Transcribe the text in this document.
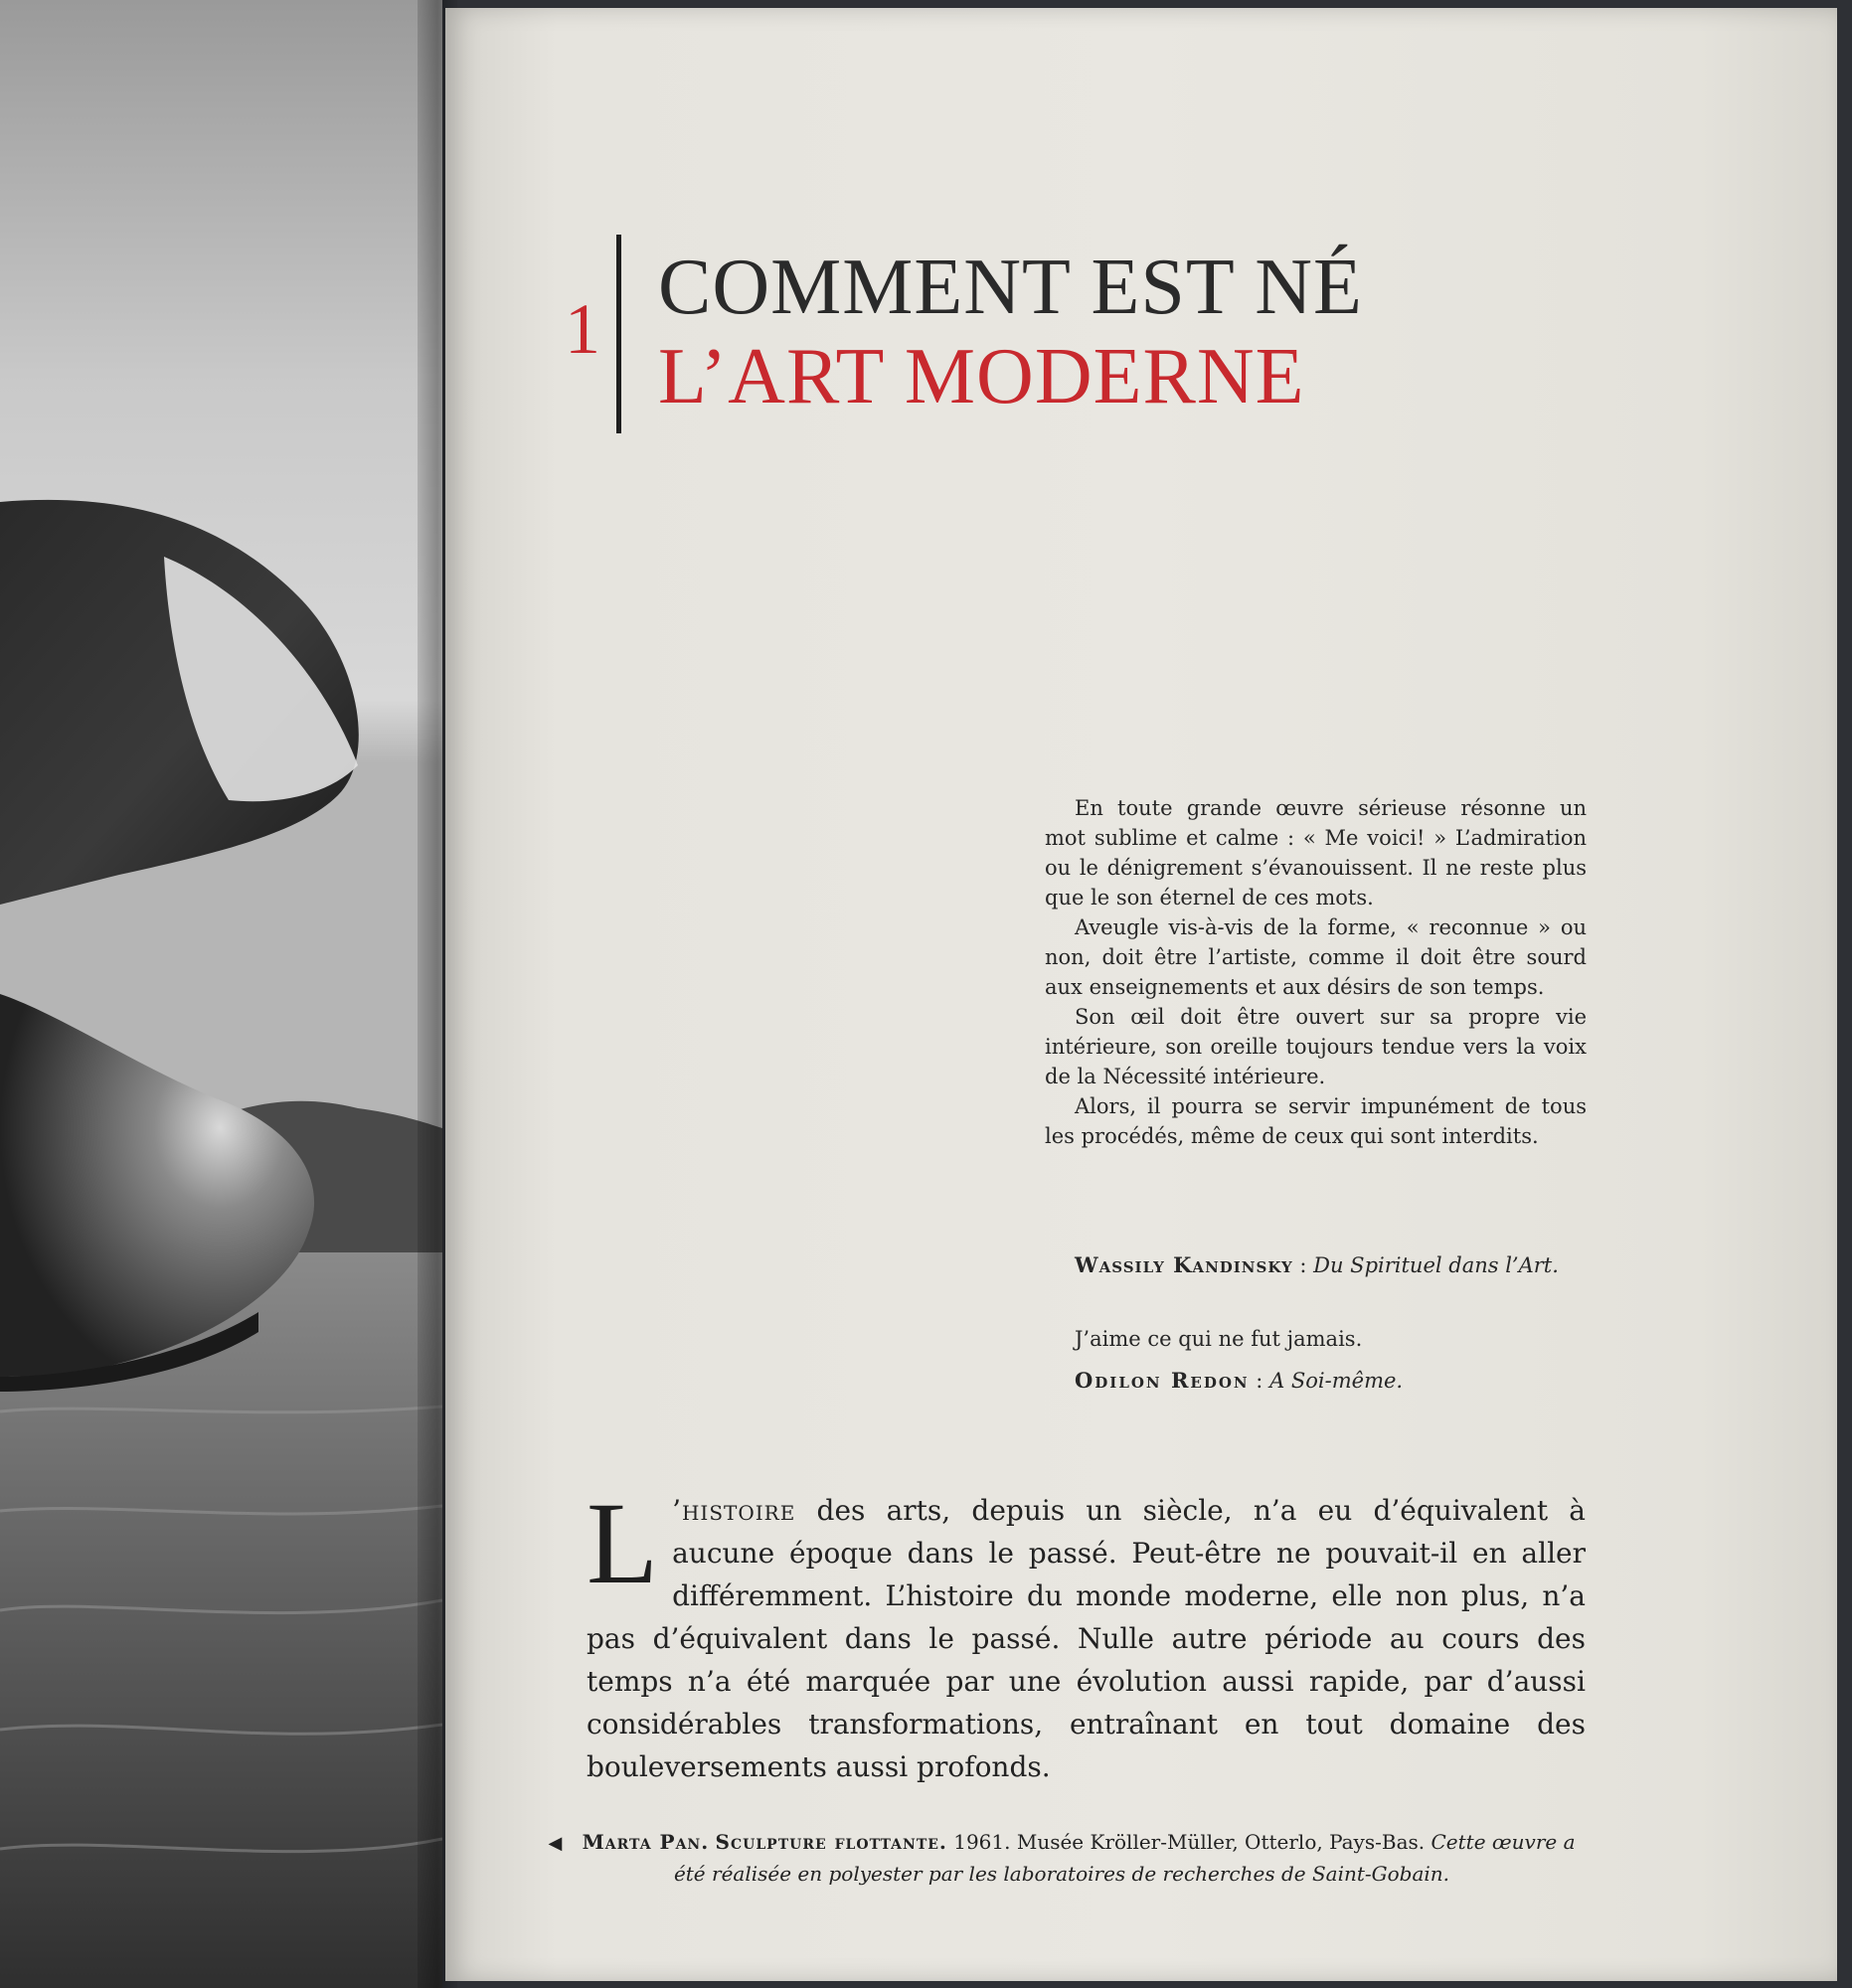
1 COMMENT EST NÉ
L’ART MODERNE

En toute grande œuvre sérieuse résonne un mot sublime et calme : « Me voici! » L’admiration ou le dénigrement s’évanouissent. Il ne reste plus que le son éternel de ces mots.

Aveugle vis-à-vis de la forme, « reconnue » ou non, doit être l’artiste, comme il doit être sourd aux enseignements et aux désirs de son temps.

Son œil doit être ouvert sur sa propre vie intérieure, son oreille toujours tendue vers la voix de la Nécessité intérieure.

Alors, il pourra se servir impunément de tous les procédés, même de ceux qui sont interdits.

Wassily Kandinsky : Du Spirituel dans l’Art.
J’aime ce qui ne fut jamais.
Odilon Redon : A Soi-même.
L ’histoire des arts, depuis un siècle, n’a eu d’équivalent à aucune époque dans le passé. Peut-être ne pouvait-il en aller différemment. L’histoire du monde moderne, elle non plus, n’a pas d’équivalent dans le passé. Nulle autre période au cours des temps n’a été marquée par une évolution aussi rapide, par d’aussi considérables transformations, entraînant en tout domaine des bouleversements aussi profonds.
◀ Marta Pan. Sculpture flottante. 1961. Musée Kröller-Müller, Otterlo, Pays-Bas. Cette œuvre a été réalisée en polyester par les laboratoires de recherches de Saint-Gobain.
